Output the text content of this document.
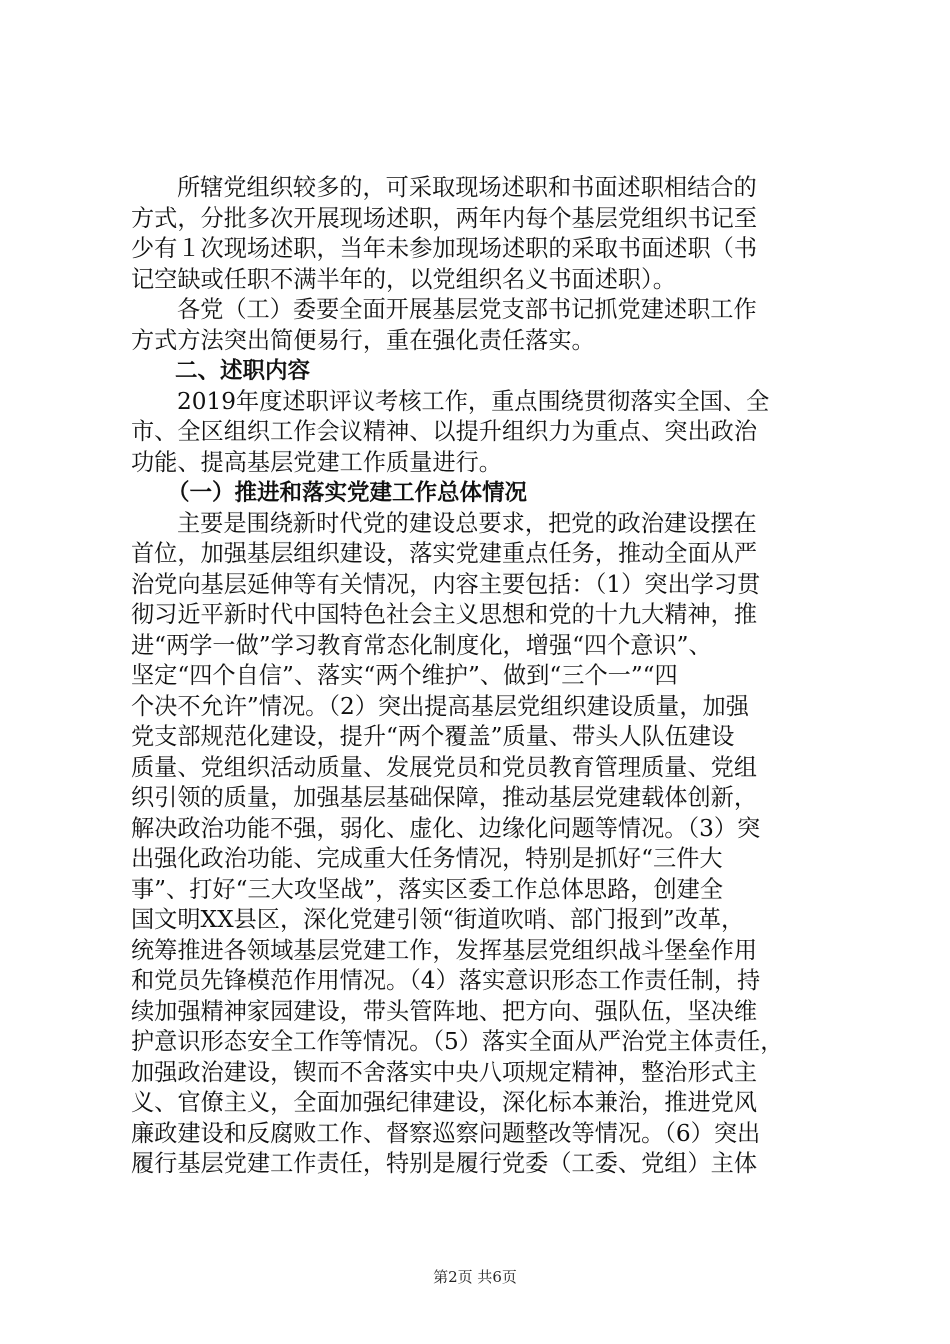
所辖党组织较多的，可采取现场述职和书面述职相结合的
方式，分批多次开展现场述职，两年内每个基层党组织书记至
少有１次现场述职，当年未参加现场述职的采取书面述职（书
记空缺或任职不满半年的，以党组织名义书面述职）。
各党（工）委要全面开展基层党支部书记抓党建述职工作
方式方法突出简便易行，重在强化责任落实。
二、述职内容
2019年度述职评议考核工作，重点围绕贯彻落实全国、全
市、全区组织工作会议精神、以提升组织力为重点、突出政治
功能、提高基层党建工作质量进行。
（一）推进和落实党建工作总体情况
主要是围绕新时代党的建设总要求，把党的政治建设摆在
首位，加强基层组织建设，落实党建重点任务，推动全面从严
治党向基层延伸等有关情况，内容主要包括：（1）突出学习贯
彻习近平新时代中国特色社会主义思想和党的十九大精神，推
进“两学一做”学习教育常态化制度化，增强“四个意识”、
坚定“四个自信”、落实“两个维护”、做到“三个一”“四
个决不允许”情况。（2）突出提高基层党组织建设质量，加强
党支部规范化建设，提升“两个覆盖”质量、带头人队伍建设
质量、党组织活动质量、发展党员和党员教育管理质量、党组
织引领的质量，加强基层基础保障，推动基层党建载体创新，
解决政治功能不强，弱化、虚化、边缘化问题等情况。（3）突
出强化政治功能、完成重大任务情况，特别是抓好“三件大
事”、打好“三大攻坚战”，落实区委工作总体思路，创建全
国文明XX县区，深化党建引领“街道吹哨、部门报到”改革，
统筹推进各领域基层党建工作，发挥基层党组织战斗堡垒作用
和党员先锋模范作用情况。（4）落实意识形态工作责任制，持
续加强精神家园建设，带头管阵地、把方向、强队伍，坚决维
护意识形态安全工作等情况。（5）落实全面从严治党主体责任，
加强政治建设，锲而不舍落实中央八项规定精神，整治形式主
义、官僚主义，全面加强纪律建设，深化标本兼治，推进党风
廉政建设和反腐败工作、督察巡察问题整改等情况。（6）突出
履行基层党建工作责任，特别是履行党委（工委、党组）主体
第2页 共6页
